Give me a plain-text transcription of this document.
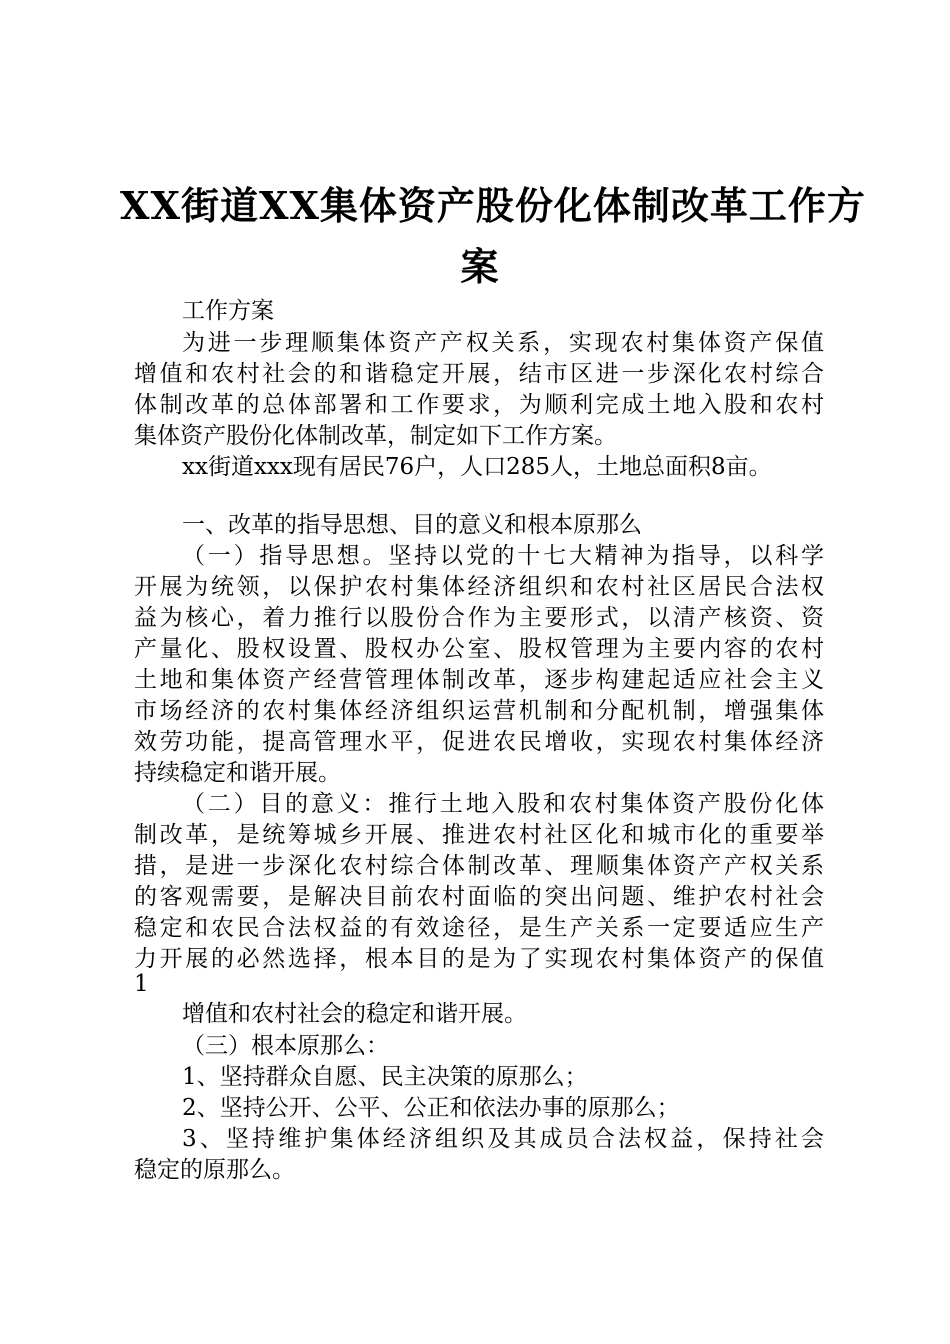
XX街道XX集体资产股份化体制改革工作方
案
工作方案
为进一步理顺集体资产产权关系，实现农村集体资产保值
增值和农村社会的和谐稳定开展，结市区进一步深化农村综合
体制改革的总体部署和工作要求，为顺利完成土地入股和农村
集体资产股份化体制改革，制定如下工作方案。
xx街道xxx现有居民76户，人口285人，土地总面积8亩。
一、改革的指导思想、目的意义和根本原那么
（一）指导思想。坚持以党的十七大精神为指导，以科学
开展为统领，以保护农村集体经济组织和农村社区居民合法权
益为核心，着力推行以股份合作为主要形式，以清产核资、资
产量化、股权设置、股权办公室、股权管理为主要内容的农村
土地和集体资产经营管理体制改革，逐步构建起适应社会主义
市场经济的农村集体经济组织运营机制和分配机制，增强集体
效劳功能，提高管理水平，促进农民增收，实现农村集体经济
持续稳定和谐开展。
（二）目的意义：推行土地入股和农村集体资产股份化体
制改革，是统筹城乡开展、推进农村社区化和城市化的重要举
措，是进一步深化农村综合体制改革、理顺集体资产产权关系
的客观需要，是解决目前农村面临的突出问题、维护农村社会
稳定和农民合法权益的有效途径，是生产关系一定要适应生产
力开展的必然选择，根本目的是为了实现农村集体资产的保值
1
增值和农村社会的稳定和谐开展。
（三）根本原那么：
1、坚持群众自愿、民主决策的原那么；
2、坚持公开、公平、公正和依法办事的原那么；
3、坚持维护集体经济组织及其成员合法权益，保持社会
稳定的原那么。
